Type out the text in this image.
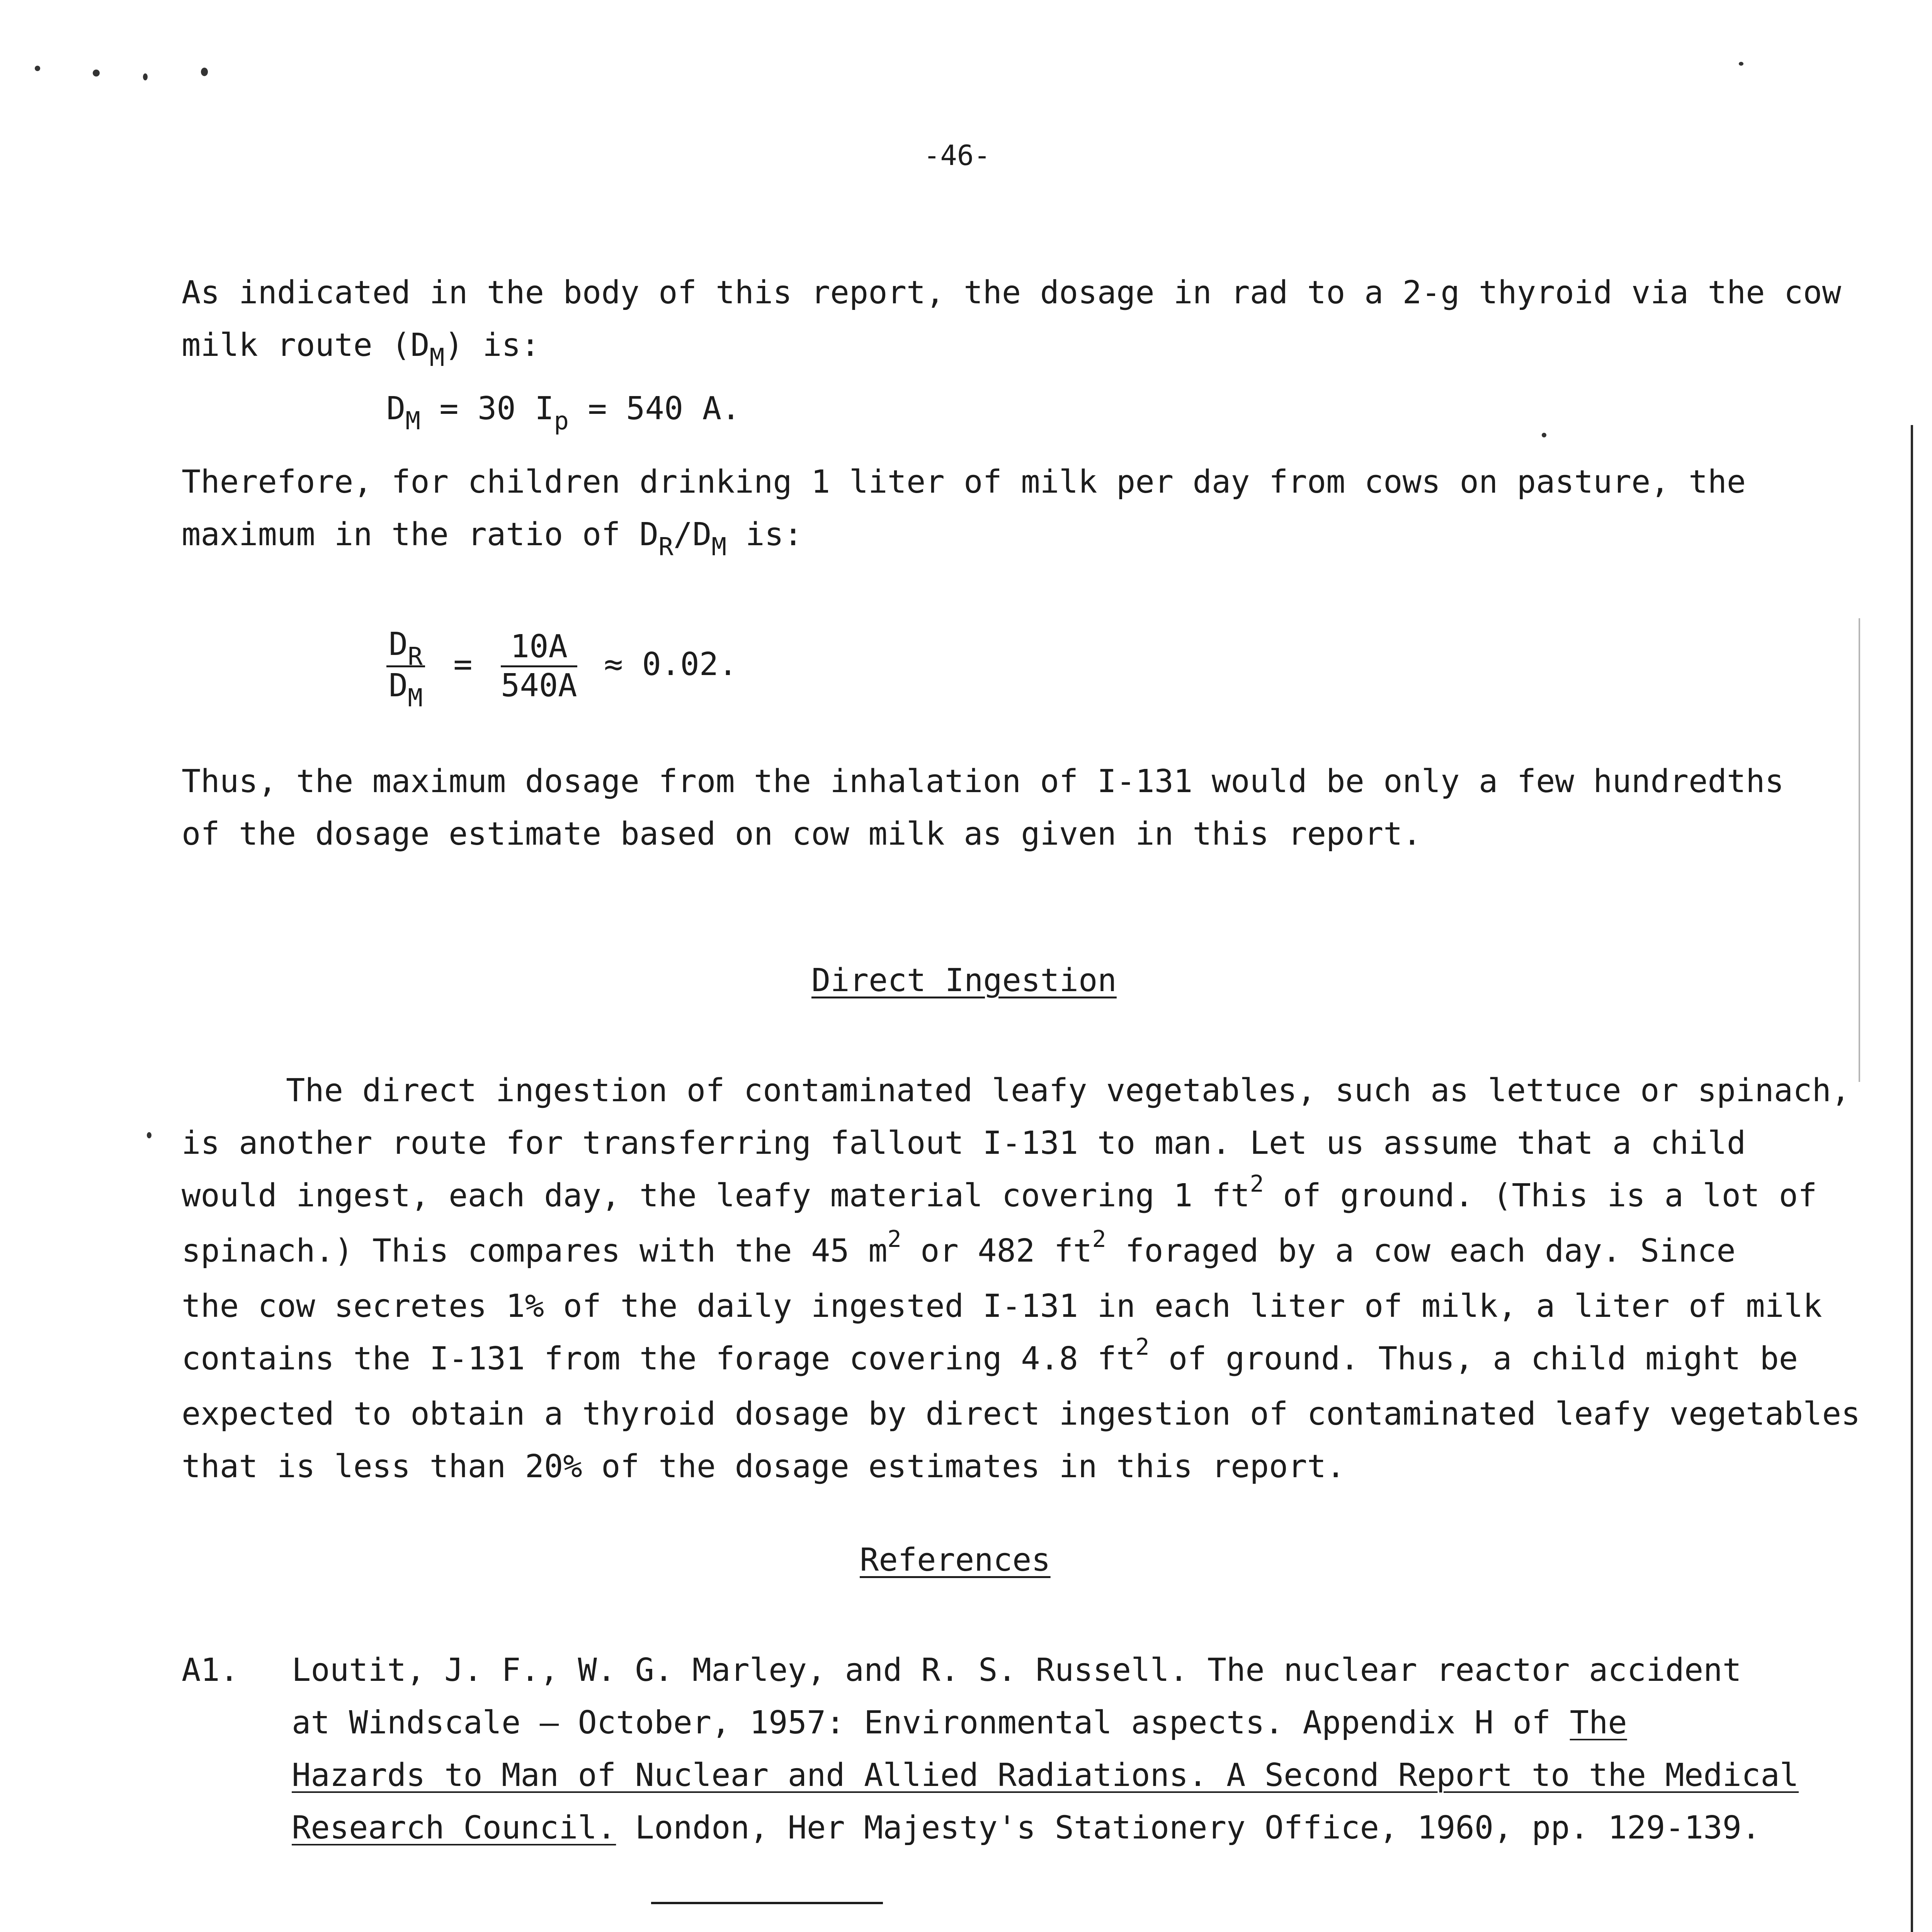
-46-
As indicated in the body of this report, the dosage in rad to a 2-g thyroid via the cow
milk route $(D_M)$ is:
$D_M = 30$ $I_p = 540$ A.
Therefore, for children drinking 1 liter of milk per day from cows on pasture, the
maximum in the ratio of $D_R/D_M$ is:
$\frac{D_R}{D_M} = \frac{10A}{540A} \approx 0.02$.
Thus, the maximum dosage from the inhalation of I-131 would be only a few hundredths
of the dosage estimate based on cow milk as given in this report.
Direct Ingestion
The direct ingestion of contaminated leafy vegetables, such as lettuce or spinach,
is another route for transferring fallout I-131 to man. Let us assume that a child
would ingest, each day, the leafy material covering 1 $ft^2$ of ground. (This is a lot of
spinach.) This compares with the 45 $m^2$ or 482 $ft^2$ foraged by a cow each day. Since
the cow secretes 1% of the daily ingested I-131 in each liter of milk, a liter of milk
contains the I-131 from the forage covering 4.8 $ft^2$ of ground. Thus, a child might be
expected to obtain a thyroid dosage by direct ingestion of contaminated leafy vegetables
that is less than 20% of the dosage estimates in this report.
References
A1. Loutit, J. F., W. G. Marley, and R. S. Russell. The nuclear reactor accident
at Windscale — October, 1957: Environmental aspects. Appendix H of The
Hazards to Man of Nuclear and Allied Radiations. A Second Report to the Medical
Research Council. London, Her Majesty's Stationery Office, 1960, pp. 129-139.
